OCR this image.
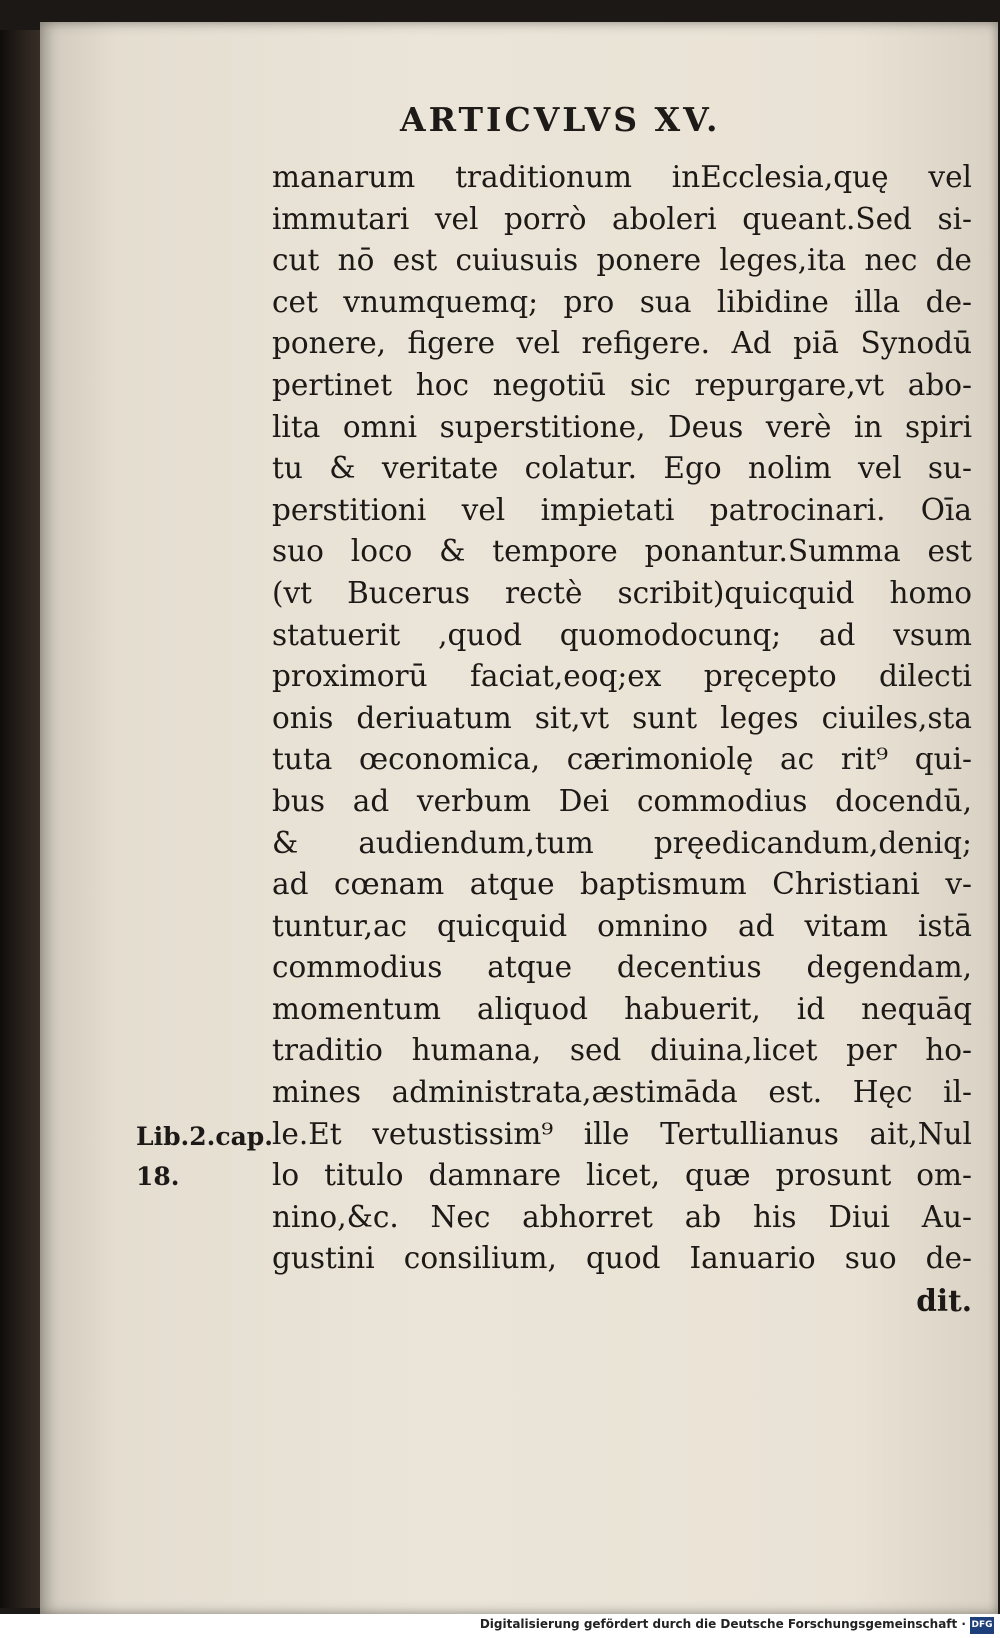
ARTICVLVS XV.
manarum traditionum inEcclesia,quę vel
immutari vel porrò aboleri queant.Sed si-
cut nō est cuiusuis ponere leges,ita nec de
cet vnumquemq; pro sua libidine illa de-
ponere, figere vel refigere. Ad piā Synodū
pertinet hoc negotiū sic repurgare,vt abo-
lita omni superstitione, Deus verè in spiri
tu & veritate colatur. Ego nolim vel su-
perstitioni vel impietati patrocinari. Oīa
suo loco & tempore ponantur.Summa est
(vt Bucerus rectè scribit)quicquid homo
statuerit ,quod quomodocunq; ad vsum
proximorū faciat,eoq;ex pręcepto dilecti
onis deriuatum sit,vt sunt leges ciuiles,sta
tuta œconomica, cærimoniolę ac rit⁹ qui-
bus ad verbum Dei commodius docendū,
& audiendum,tum pręedicandum,deniq;
ad cœnam atque baptismum Christiani v-
tuntur,ac quicquid omnino ad vitam istā
commodius atque decentius degendam,
momentum aliquod habuerit, id nequāq
traditio humana, sed diuina,licet per ho-
mines administrata,æstimāda est. Hęc il-
le.Et vetustissim⁹ ille Tertullianus ait,Nul
lo titulo damnare licet, quæ prosunt om-
nino,&c. Nec abhorret ab his Diui Au-
gustini consilium, quod Ianuario suo de-
dit.
Lib.2.cap.
18.
Digitalisierung gefördert durch die Deutsche Forschungsgemeinschaft · DFG
